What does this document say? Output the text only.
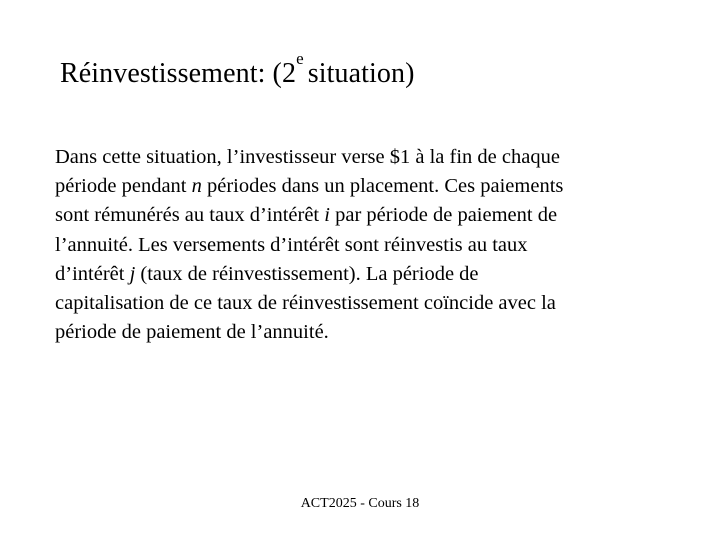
Réinvestissement: (2e situation)

Dans cette situation, l’investisseur verse $1 à la fin de chaque
période pendant n périodes dans un placement. Ces paiements
sont rémunérés au taux d’intérêt i par période de paiement de
l’annuité. Les versements d’intérêt sont réinvestis au taux
d’intérêt j (taux de réinvestissement). La période de
capitalisation de ce taux de réinvestissement coïncide avec la
période de paiement de l’annuité.

ACT2025 - Cours 18
